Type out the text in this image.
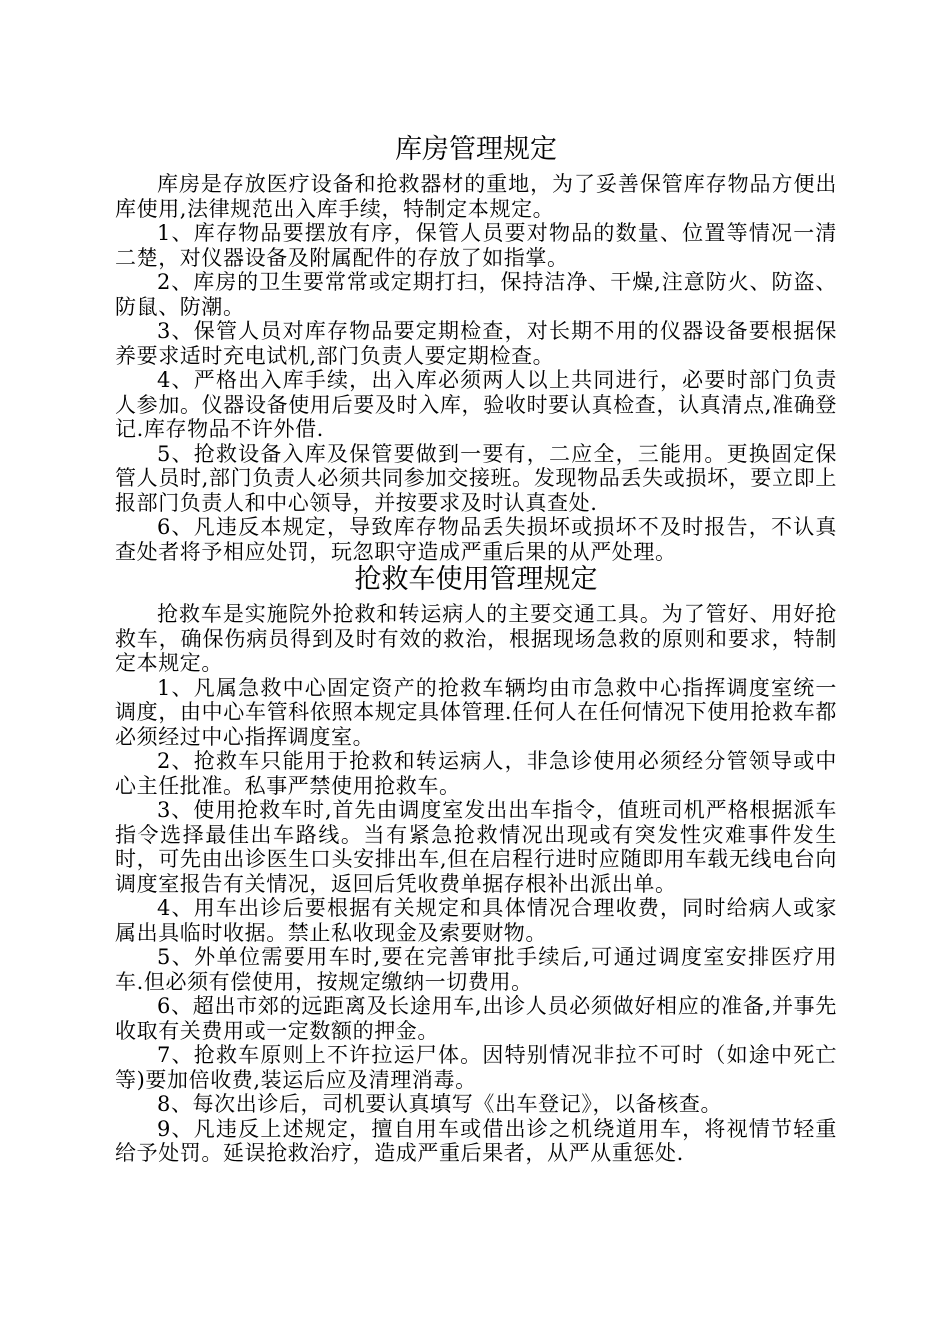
库房管理规定

库房是存放医疗设备和抢救器材的重地，为了妥善保管库存物品方便出库使用,法律规范出入库手续，特制定本规定。

1、库存物品要摆放有序，保管人员要对物品的数量、位置等情况一清二楚，对仪器设备及附属配件的存放了如指掌。

2、库房的卫生要常常或定期打扫，保持洁净、干燥,注意防火、防盗、防鼠、防潮。

3、保管人员对库存物品要定期检查，对长期不用的仪器设备要根据保养要求适时充电试机,部门负责人要定期检查。

4、严格出入库手续，出入库必须两人以上共同进行，必要时部门负责人参加。仪器设备使用后要及时入库，验收时要认真检查，认真清点,准确登记.库存物品不许外借.

5、抢救设备入库及保管要做到一要有，二应全，三能用。更换固定保管人员时,部门负责人必须共同参加交接班。发现物品丢失或损坏，要立即上报部门负责人和中心领导，并按要求及时认真查处.

6、凡违反本规定，导致库存物品丢失损坏或损坏不及时报告，不认真查处者将予相应处罚，玩忽职守造成严重后果的从严处理。

抢救车使用管理规定

抢救车是实施院外抢救和转运病人的主要交通工具。为了管好、用好抢救车，确保伤病员得到及时有效的救治，根据现场急救的原则和要求，特制定本规定。

1、凡属急救中心固定资产的抢救车辆均由市急救中心指挥调度室统一调度，由中心车管科依照本规定具体管理.任何人在任何情况下使用抢救车都必须经过中心指挥调度室。

2、抢救车只能用于抢救和转运病人，非急诊使用必须经分管领导或中心主任批准。私事严禁使用抢救车。

3、使用抢救车时,首先由调度室发出出车指令，值班司机严格根据派车指令选择最佳出车路线。当有紧急抢救情况出现或有突发性灾难事件发生时，可先由出诊医生口头安排出车,但在启程行进时应随即用车载无线电台向调度室报告有关情况，返回后凭收费单据存根补出派出单。

4、用车出诊后要根据有关规定和具体情况合理收费，同时给病人或家属出具临时收据。禁止私收现金及索要财物。

5、外单位需要用车时,要在完善审批手续后,可通过调度室安排医疗用车.但必须有偿使用，按规定缴纳一切费用。

6、超出市郊的远距离及长途用车,出诊人员必须做好相应的准备,并事先收取有关费用或一定数额的押金。

7、抢救车原则上不许拉运尸体。因特别情况非拉不可时（如途中死亡等)要加倍收费,装运后应及清理消毒。

8、每次出诊后，司机要认真填写《出车登记》，以备核查。

9、凡违反上述规定，擅自用车或借出诊之机绕道用车，将视情节轻重给予处罚。延误抢救治疗，造成严重后果者，从严从重惩处.
